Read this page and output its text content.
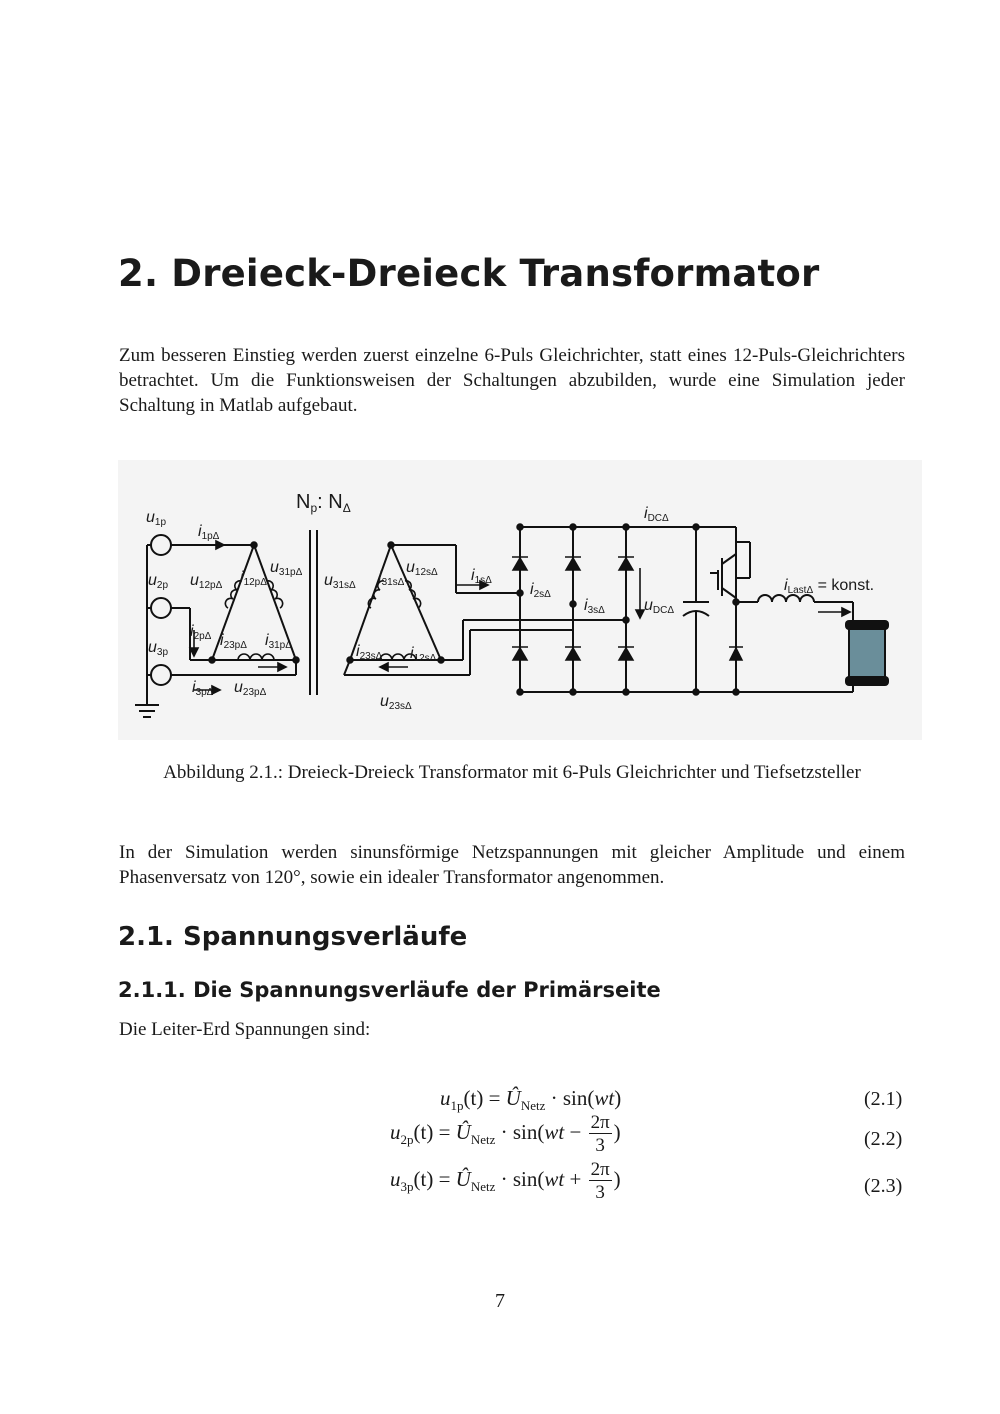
2. Dreieck-Dreieck Transformator

Zum besseren Einstieg werden zuerst einzelne 6-Puls Gleichrichter, statt eines 12-Puls-Gleichrichters betrachtet. Um die Funktionsweisen der Schaltungen abzubilden, wurde eine Simulation jeder Schaltung in Matlab aufgebaut.

$N_p$: $N_\Delta$
u1p
u2p
u3p
i1pΔ
i2pΔ
i3pΔ
u12pΔ i12pΔ
u31pΔ
i23pΔ i31pΔ
u23pΔ
u31sΔ i31sΔ
u12sΔ
i23sΔ i12sΔ
u23sΔ
i1sΔ
i2sΔ
i3sΔ
iDCΔ
uDCΔ
iLastΔ = konst.

Abbildung 2.1.: Dreieck-Dreieck Transformator mit 6-Puls Gleichrichter und Tiefsetzsteller

In der Simulation werden sinunsförmige Netzspannungen mit gleicher Amplitude und einem Phasenversatz von 120°, sowie ein idealer Transformator angenommen.

2.1. Spannungsverläufe
2.1.1. Die Spannungsverläufe der Primärseite

Die Leiter-Erd Spannungen sind:

$u_{1p}(t)$ = $Û_{Netz} \cdot \sin(wt)$	(2.1)
$u_{2p}(t)$ = $Û_{Netz} \cdot \sin(wt - \frac{2\pi}{3}$ )	(2.2)
$u_{3p}(t)$ = $Û_{Netz} \cdot \sin(wt + \frac{2\pi}{3}$ )	(2.3)
7
